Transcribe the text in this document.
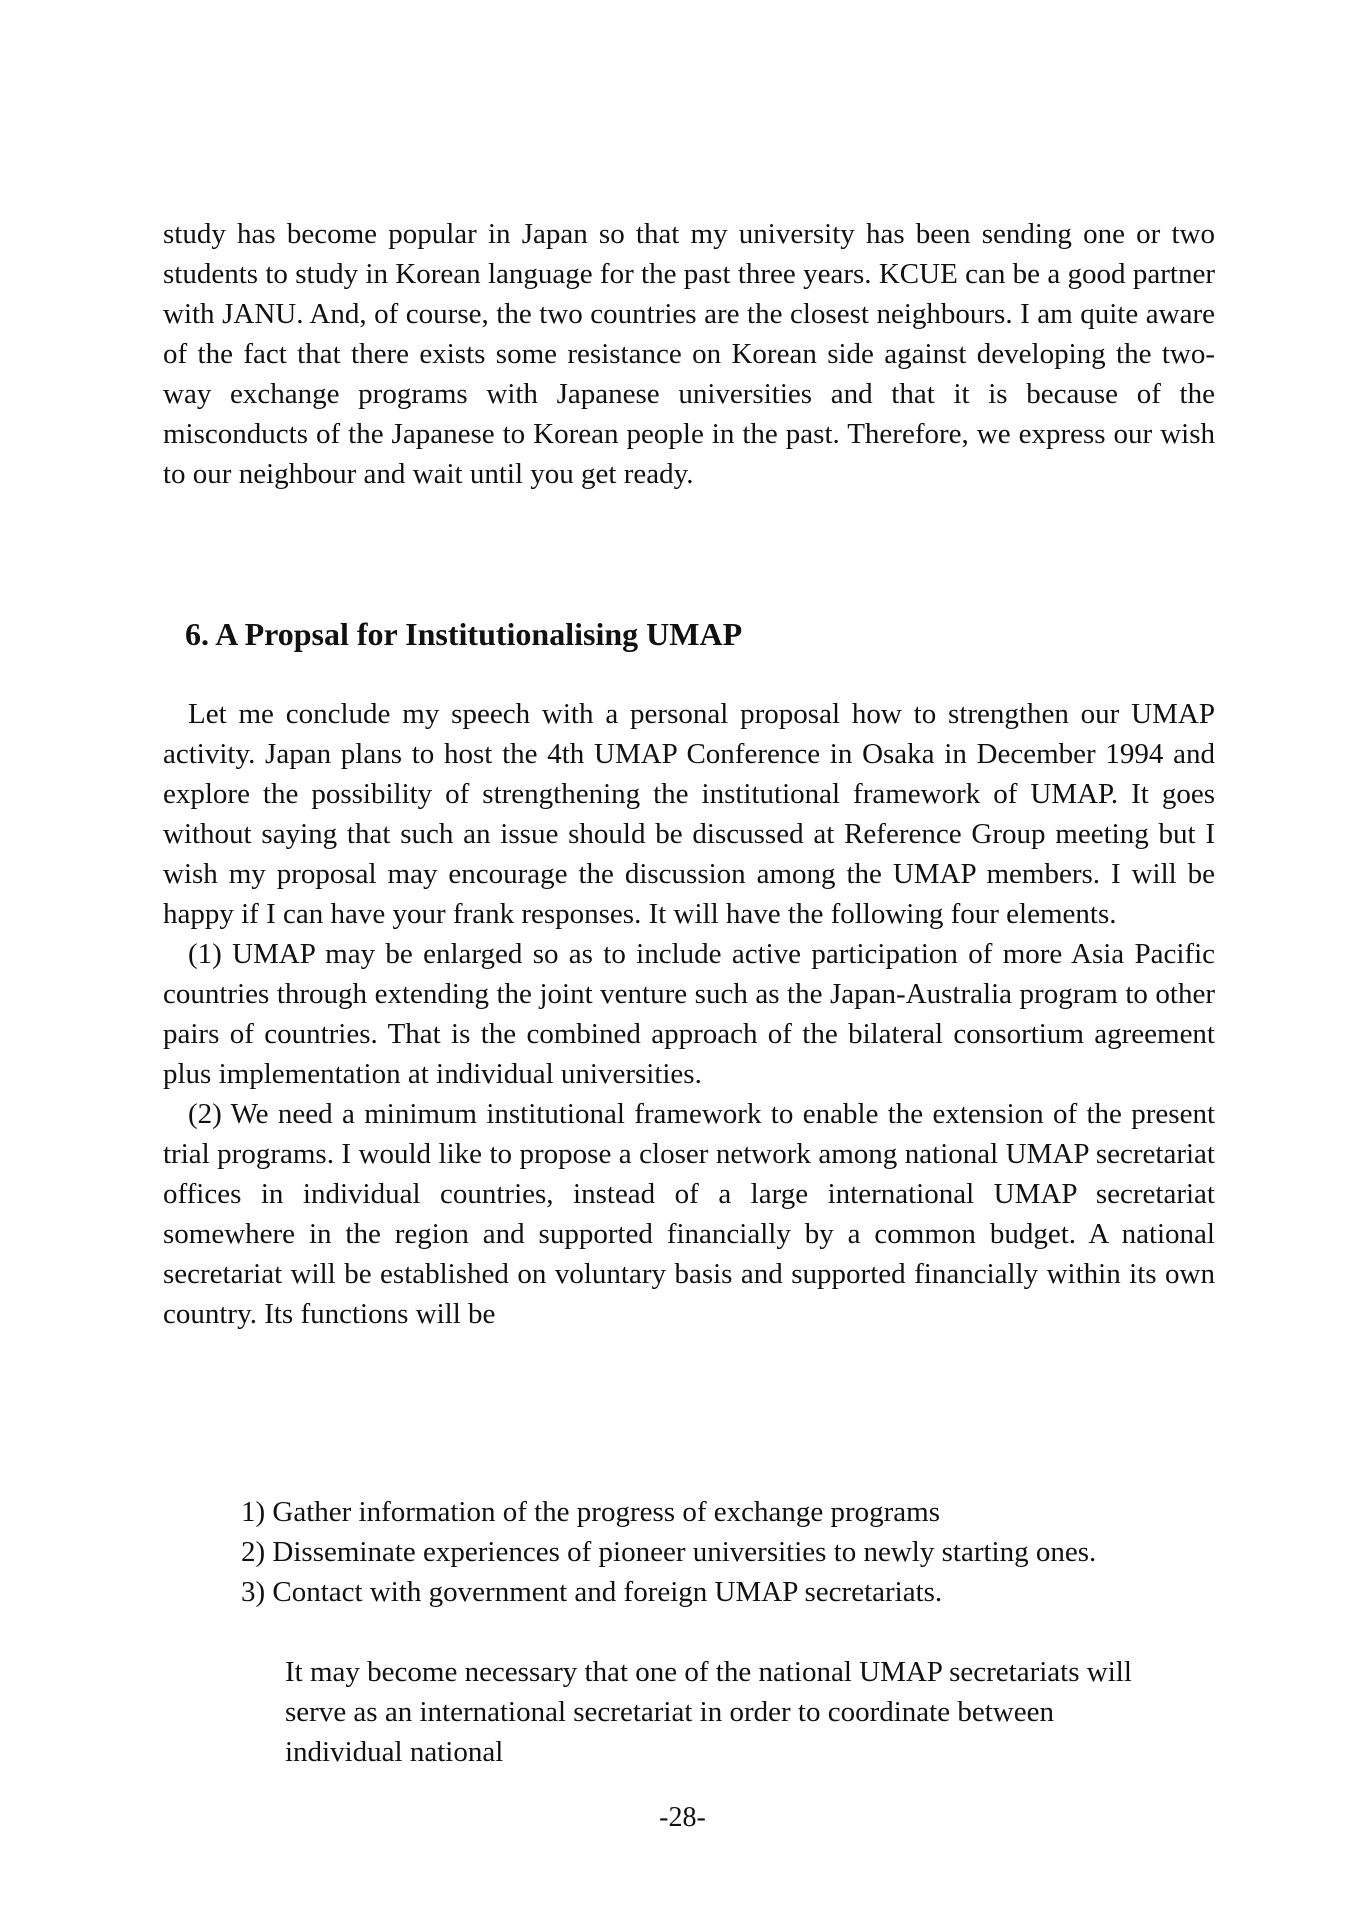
study has become popular in Japan so that my university has been sending one or two students to study in Korean language for the past three years. KCUE can be a good partner with JANU. And, of course, the two countries are the closest neighbours. I am quite aware of the fact that there exists some resistance on Korean side against developing the two-way exchange programs with Japanese universities and that it is because of the misconducts of the Japanese to Korean people in the past. Therefore, we express our wish to our neighbour and wait until you get ready.

6. A Propsal for Institutionalising UMAP

Let me conclude my speech with a personal proposal how to strengthen our UMAP activity. Japan plans to host the 4th UMAP Conference in Osaka in December 1994 and explore the possibility of strengthening the institutional framework of UMAP. It goes without saying that such an issue should be discussed at Reference Group meeting but I wish my proposal may encourage the discussion among the UMAP members. I will be happy if I can have your frank responses. It will have the following four elements.

(1) UMAP may be enlarged so as to include active participation of more Asia Pacific countries through extending the joint venture such as the Japan-Australia program to other pairs of countries. That is the combined approach of the bilateral consortium agreement plus implementation at individual universities.

(2) We need a minimum institutional framework to enable the extension of the present trial programs. I would like to propose a closer network among national UMAP secretariat offices in individual countries, instead of a large international UMAP secretariat somewhere in the region and supported financially by a common budget. A national secretariat will be established on voluntary basis and supported financially within its own country. Its functions will be

1) Gather information of the progress of exchange programs
2) Disseminate experiences of pioneer universities to newly starting ones.
3) Contact with government and foreign UMAP secretariats.

It may become necessary that one of the national UMAP secretariats will serve as an international secretariat in order to coordinate between individual national

-28-
